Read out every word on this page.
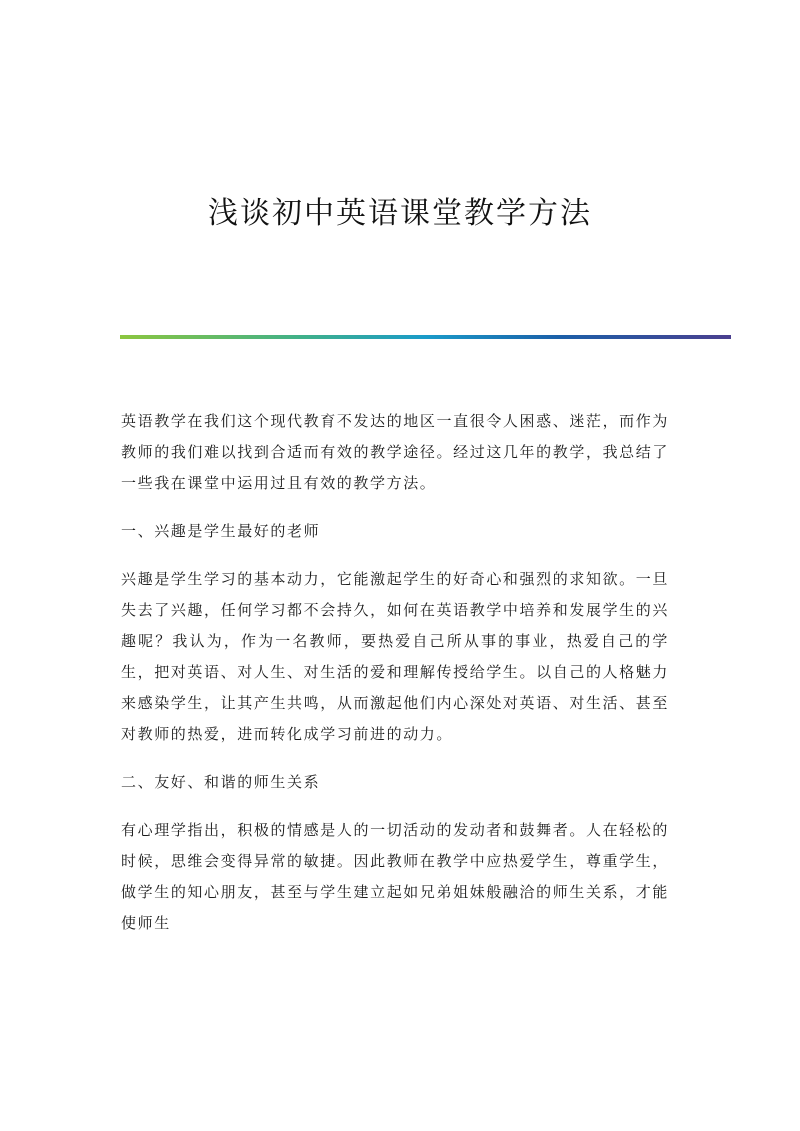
浅谈初中英语课堂教学方法

英语教学在我们这个现代教育不发达的地区一直很令人困惑、迷茫，而作为教师的我们难以找到合适而有效的教学途径。经过这几年的教学，我总结了一些我在课堂中运用过且有效的教学方法。

一、兴趣是学生最好的老师

兴趣是学生学习的基本动力，它能激起学生的好奇心和强烈的求知欲。一旦失去了兴趣，任何学习都不会持久，如何在英语教学中培养和发展学生的兴趣呢？我认为，作为一名教师，要热爱自己所从事的事业，热爱自己的学生，把对英语、对人生、对生活的爱和理解传授给学生。以自己的人格魅力来感染学生，让其产生共鸣，从而激起他们内心深处对英语、对生活、甚至对教师的热爱，进而转化成学习前进的动力。

二、友好、和谐的师生关系

有心理学指出，积极的情感是人的一切活动的发动者和鼓舞者。人在轻松的时候，思维会变得异常的敏捷。因此教师在教学中应热爱学生，尊重学生，做学生的知心朋友，甚至与学生建立起如兄弟姐妹般融洽的师生关系，才能使师生
